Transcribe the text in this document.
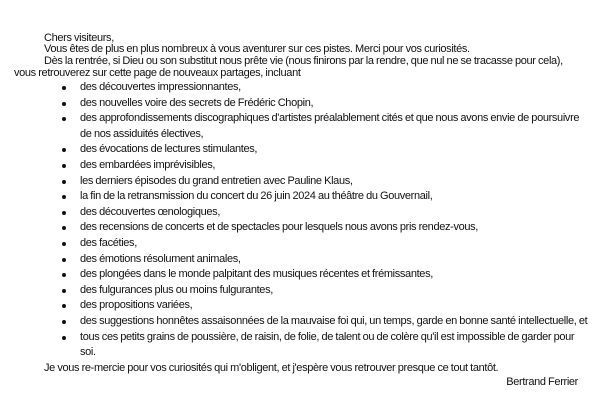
Chers visiteurs,
Vous êtes de plus en plus nombreux à vous aventurer sur ces pistes. Merci pour vos curiosités.
Dès la rentrée, si Dieu ou son substitut nous prête vie (nous finirons par la rendre, que nul ne se tracasse pour cela),
vous retrouverez sur cette page de nouveaux partages, incluant
des découvertes impressionnantes,
des nouvelles voire des secrets de Frédéric Chopin,
des approfondissements discographiques d'artistes préalablement cités et que nous avons envie de poursuivre de nos assiduités électives,
des évocations de lectures stimulantes,
des embardées imprévisibles,
les derniers épisodes du grand entretien avec Pauline Klaus,
la fin de la retransmission du concert du 26 juin 2024 au théâtre du Gouvernail,
des découvertes œnologiques,
des recensions de concerts et de spectacles pour lesquels nous avons pris rendez-vous,
des facéties,
des émotions résolument animales,
des plongées dans le monde palpitant des musiques récentes et frémissantes,
des fulgurances plus ou moins fulgurantes,
des propositions variées,
des suggestions honnêtes assaisonnées de la mauvaise foi qui, un temps, garde en bonne santé intellectuelle, et
tous ces petits grains de poussière, de raisin, de folie, de talent ou de colère qu'il est impossible de garder pour soi.
Je vous re-mercie pour vos curiosités qui m'obligent, et j'espère vous retrouver presque ce tout tantôt.
Bertrand Ferrier
